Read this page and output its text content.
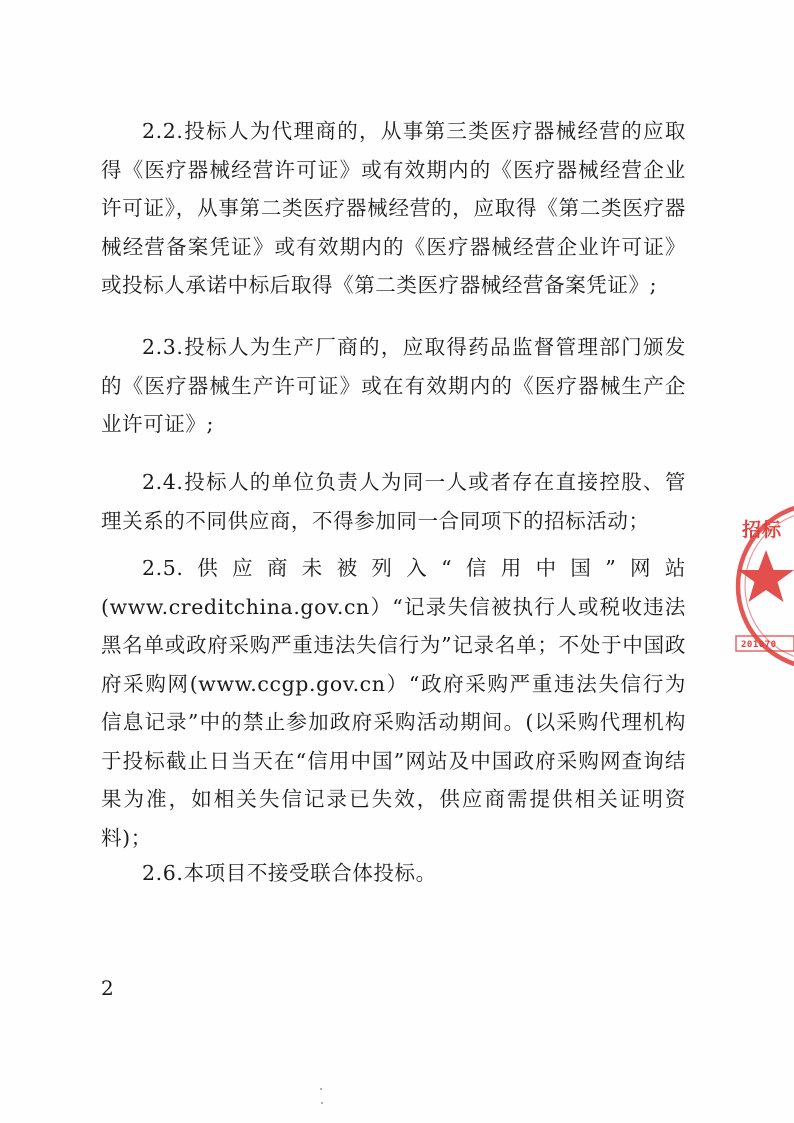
2.2.投标人为代理商的，从事第三类医疗器械经营的应取得《医疗器械经营许可证》或有效期内的《医疗器械经营企业许可证》，从事第二类医疗器械经营的，应取得《第二类医疗器械经营备案凭证》或有效期内的《医疗器械经营企业许可证》或投标人承诺中标后取得《第二类医疗器械经营备案凭证》;

2.3.投标人为生产厂商的，应取得药品监督管理部门颁发的《医疗器械生产许可证》或在有效期内的《医疗器械生产企业许可证》;

2.4.投标人的单位负责人为同一人或者存在直接控股、管理关系的不同供应商，不得参加同一合同项下的招标活动；

2.5.供应商未被列入“信用中国”网站(www.creditchina.gov.cn）“记录失信被执行人或税收违法黑名单或政府采购严重违法失信行为”记录名单；不处于中国政府采购网(www.ccgp.gov.cn）“政府采购严重违法失信行为信息记录”中的禁止参加政府采购活动期间。(以采购代理机构于投标截止日当天在“信用中国”网站及中国政府采购网查询结果为准，如相关失信记录已失效，供应商需提供相关证明资料)；

2.6.本项目不接受联合体投标。

2

招标
201070
